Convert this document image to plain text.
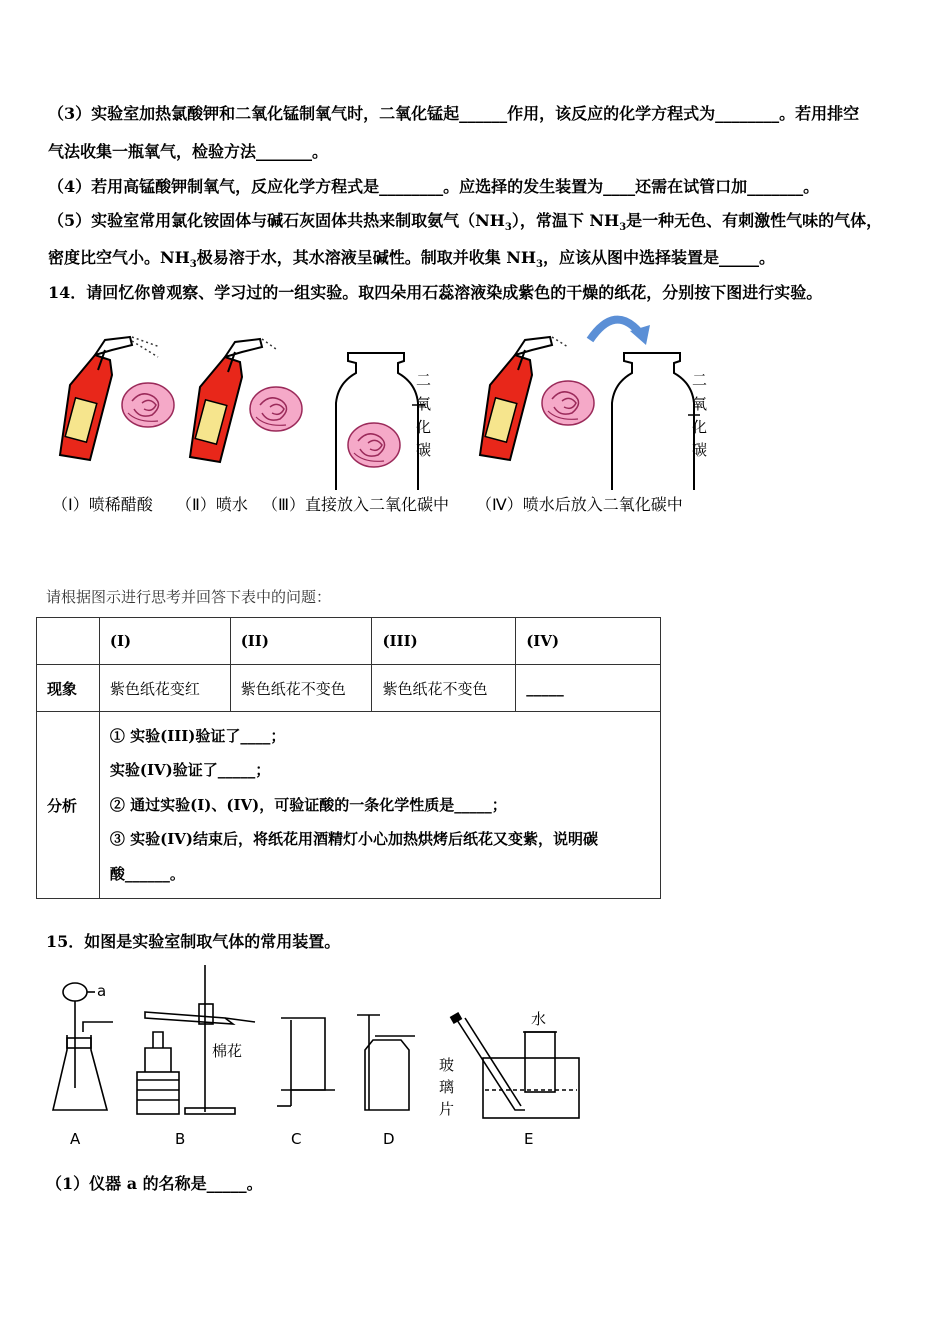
（3）实验室加热氯酸钾和二氧化锰制氧气时，二氧化锰起______作用，该反应的化学方程式为________。若用排空
气法收集一瓶氧气，检验方法_______。
（4）若用高锰酸钾制氧气，反应化学方程式是________。应选择的发生装置为____还需在试管口加_______。
（5）实验室常用氯化铵固体与碱石灰固体共热来制取氨气$(NH_3)$，常温下 $NH_3$是一种无色、有刺激性气味的气体，
密度比空气小。$NH_3$极易溶于水，其水溶液呈碱性。制取并收集 $NH_3$，应该从图中选择装置是_____。
14．请回忆你曾观察、学习过的一组实验。取四朵用石蕊溶液染成紫色的干燥的纸花，分别按下图进行实验。
二
氧
化
碳
二
氧
化
碳
（Ⅰ）喷稀醋酸 （Ⅱ）喷水 （Ⅲ）直接放入二氧化碳中 （Ⅳ）喷水后放入二氧化碳中
请根据图示进行思考并回答下表中的问题：
	(I)	(II)	(III)	(IV)
现象	紫色纸花变红	紫色纸花不变色	紫色纸花不变色	_____
分析	① 实验(III)验证了____；
实验(IV)验证了_____；
② 通过实验(I)、(IV)，可验证酸的一条化学性质是_____；
③ 实验(IV)结束后，将纸花用酒精灯小心加热烘烤后纸花又变紫，说明碳
酸______。			
15．如图是实验室制取气体的常用装置。
a
棉花
水
玻
璃
片
A	B	C	D	E
（1）仪器 a 的名称是_____。
